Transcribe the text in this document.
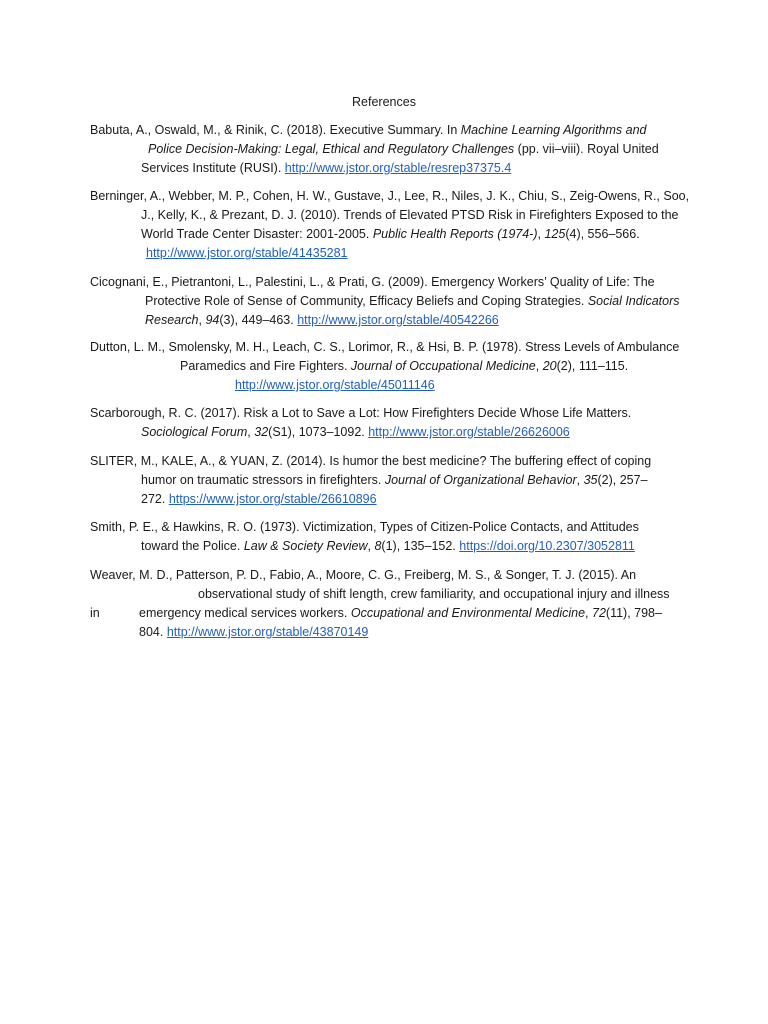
References
Babuta, A., Oswald, M., & Rinik, C. (2018). Executive Summary. In Machine Learning Algorithms and
Police Decision-Making: Legal, Ethical and Regulatory Challenges (pp. vii–viii). Royal United
Services Institute (RUSI). http://www.jstor.org/stable/resrep37375.4
Berninger, A., Webber, M. P., Cohen, H. W., Gustave, J., Lee, R., Niles, J. K., Chiu, S., Zeig-Owens, R., Soo,
J., Kelly, K., & Prezant, D. J. (2010). Trends of Elevated PTSD Risk in Firefighters Exposed to the
World Trade Center Disaster: 2001-2005. Public Health Reports (1974-), 125(4), 556–566.
http://www.jstor.org/stable/41435281
Cicognani, E., Pietrantoni, L., Palestini, L., & Prati, G. (2009). Emergency Workers’ Quality of Life: The
Protective Role of Sense of Community, Efficacy Beliefs and Coping Strategies. Social Indicators
Research, 94(3), 449–463. http://www.jstor.org/stable/40542266
Dutton, L. M., Smolensky, M. H., Leach, C. S., Lorimor, R., & Hsi, B. P. (1978). Stress Levels of Ambulance
Paramedics and Fire Fighters. Journal of Occupational Medicine, 20(2), 111–115.
http://www.jstor.org/stable/45011146
Scarborough, R. C. (2017). Risk a Lot to Save a Lot: How Firefighters Decide Whose Life Matters.
Sociological Forum, 32(S1), 1073–1092. http://www.jstor.org/stable/26626006
SLITER, M., KALE, A., & YUAN, Z. (2014). Is humor the best medicine? The buffering effect of coping
humor on traumatic stressors in firefighters. Journal of Organizational Behavior, 35(2), 257–
272. https://www.jstor.org/stable/26610896
Smith, P. E., & Hawkins, R. O. (1973). Victimization, Types of Citizen-Police Contacts, and Attitudes
toward the Police. Law & Society Review, 8(1), 135–152. https://doi.org/10.2307/3052811
Weaver, M. D., Patterson, P. D., Fabio, A., Moore, C. G., Freiberg, M. S., & Songer, T. J. (2015). An
observational study of shift length, crew familiarity, and occupational injury and illness
in	emergency medical services workers. Occupational and Environmental Medicine, 72(11), 798–
804. http://www.jstor.org/stable/43870149
